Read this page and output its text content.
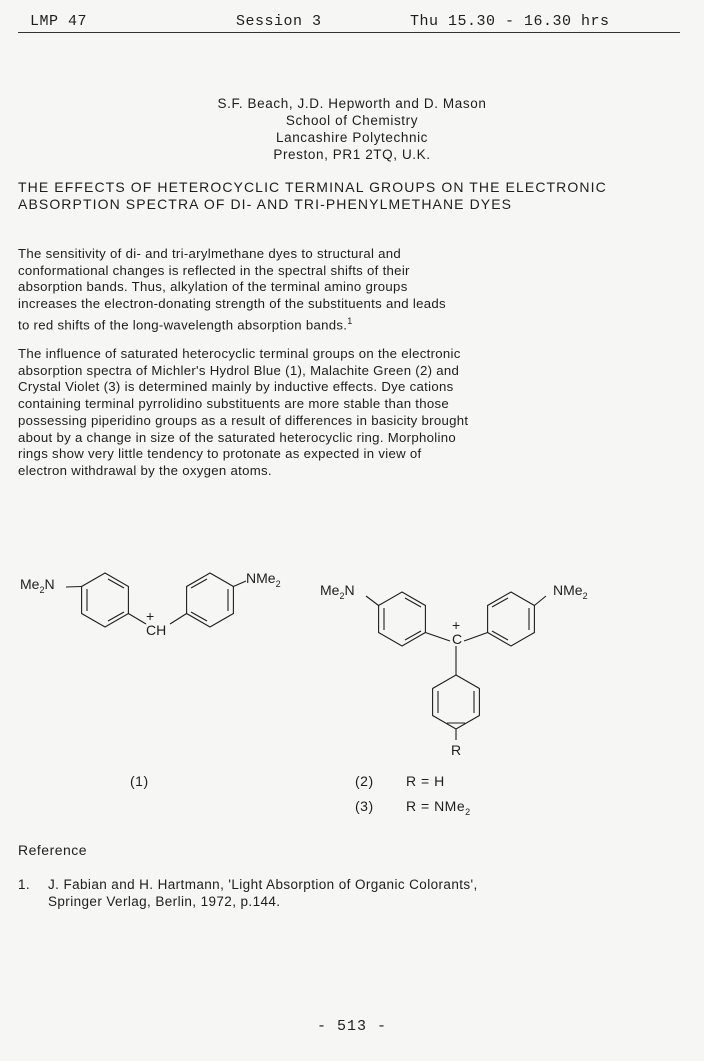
LMP 47	Session 3	Thu 15.30 - 16.30 hrs
S.F. Beach, J.D. Hepworth and D. Mason
School of Chemistry
Lancashire Polytechnic
Preston, PR1 2TQ, U.K.
THE EFFECTS OF HETEROCYCLIC TERMINAL GROUPS ON THE ELECTRONIC
ABSORPTION SPECTRA OF DI- AND TRI-PHENYLMETHANE DYES
The sensitivity of di- and tri-arylmethane dyes to structural and
conformational changes is reflected in the spectral shifts of their
absorption bands. Thus, alkylation of the terminal amino groups
increases the electron-donating strength of the substituents and leads
to red shifts of the long-wavelength absorption bands.$^1$
The influence of saturated heterocyclic terminal groups on the electronic
absorption spectra of Michler's Hydrol Blue (1), Malachite Green (2) and
Crystal Violet (3) is determined mainly by inductive effects. Dye cations
containing terminal pyrrolidino substituents are more stable than those
possessing piperidino groups as a result of differences in basicity brought
about by a change in size of the saturated heterocyclic ring. Morpholino
rings show very little tendency to protonate as expected in view of
electron withdrawal by the oxygen atoms.
$Me_2N$	NMe$_2$
+
CH
$Me_2N$	NMe$_2$
+
C
R
(1)	(2) R = H
(3) R = NMe$_2$
Reference
1. J. Fabian and H. Hartmann, 'Light Absorption of Organic Colorants',
Springer Verlag, Berlin, 1972, p.144.
- 513 -
